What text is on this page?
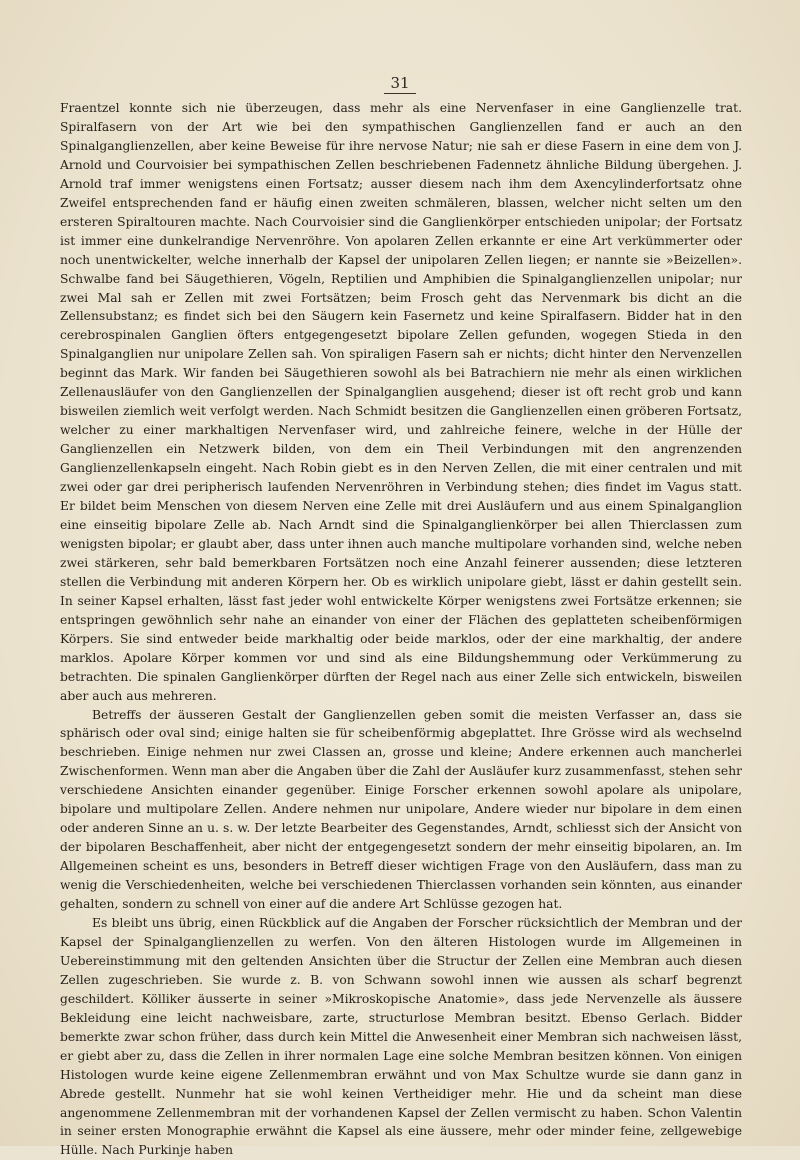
31

Fraentzel konnte sich nie überzeugen, dass mehr als eine Nervenfaser in eine Ganglienzelle trat. Spiralfasern von der Art wie bei den sympathischen Ganglienzellen fand er auch an den Spinalganglienzellen, aber keine Beweise für ihre nervose Natur; nie sah er diese Fasern in eine dem von J. Arnold und Courvoisier bei sympathischen Zellen beschriebenen Fadennetz ähnliche Bildung übergehen. J. Arnold traf immer wenigstens einen Fortsatz; ausser diesem nach ihm dem Axencylinderfortsatz ohne Zweifel entsprechenden fand er häufig einen zweiten schmäleren, blassen, welcher nicht selten um den ersteren Spiraltouren machte. Nach Courvoisier sind die Ganglienkörper entschieden unipolar; der Fortsatz ist immer eine dunkelrandige Nervenröhre. Von apolaren Zellen erkannte er eine Art verkümmerter oder noch unentwickelter, welche innerhalb der Kapsel der unipolaren Zellen liegen; er nannte sie »Beizellen». Schwalbe fand bei Säugethieren, Vögeln, Reptilien und Amphibien die Spinalganglienzellen unipolar; nur zwei Mal sah er Zellen mit zwei Fortsätzen; beim Frosch geht das Nervenmark bis dicht an die Zellensubstanz; es findet sich bei den Säugern kein Fasernetz und keine Spiralfasern. Bidder hat in den cerebrospinalen Ganglien öfters entgegengesetzt bipolare Zellen gefunden, wogegen Stieda in den Spinalganglien nur unipolare Zellen sah. Von spiraligen Fasern sah er nichts; dicht hinter den Nervenzellen beginnt das Mark. Wir fanden bei Säugethieren sowohl als bei Batrachiern nie mehr als einen wirklichen Zellenausläufer von den Ganglienzellen der Spinalganglien ausgehend; dieser ist oft recht grob und kann bisweilen ziemlich weit verfolgt werden. Nach Schmidt besitzen die Ganglienzellen einen gröberen Fortsatz, welcher zu einer markhaltigen Nervenfaser wird, und zahlreiche feinere, welche in der Hülle der Ganglienzellen ein Netzwerk bilden, von dem ein Theil Verbindungen mit den angrenzenden Ganglienzellenkapseln eingeht. Nach Robin giebt es in den Nerven Zellen, die mit einer centralen und mit zwei oder gar drei peripherisch laufenden Nervenröhren in Verbindung stehen; dies findet im Vagus statt. Er bildet beim Menschen von diesem Nerven eine Zelle mit drei Ausläufern und aus einem Spinalganglion eine einseitig bipolare Zelle ab. Nach Arndt sind die Spinalganglienkörper bei allen Thierclassen zum wenigsten bipolar; er glaubt aber, dass unter ihnen auch manche multipolare vorhanden sind, welche neben zwei stärkeren, sehr bald bemerkbaren Fortsätzen noch eine Anzahl feinerer aussenden; diese letzteren stellen die Verbindung mit anderen Körpern her. Ob es wirklich unipolare giebt, lässt er dahin gestellt sein. In seiner Kapsel erhalten, lässt fast jeder wohl entwickelte Körper wenigstens zwei Fortsätze erkennen; sie entspringen gewöhnlich sehr nahe an einander von einer der Flächen des geplatteten scheibenförmigen Körpers. Sie sind entweder beide markhaltig oder beide marklos, oder der eine markhaltig, der andere marklos. Apolare Körper kommen vor und sind als eine Bildungshemmung oder Verkümmerung zu betrachten. Die spinalen Ganglienkörper dürften der Regel nach aus einer Zelle sich entwickeln, bisweilen aber auch aus mehreren.

Betreffs der äusseren Gestalt der Ganglienzellen geben somit die meisten Verfasser an, dass sie sphärisch oder oval sind; einige halten sie für scheibenförmig abgeplattet. Ihre Grösse wird als wechselnd beschrieben. Einige nehmen nur zwei Classen an, grosse und kleine; Andere erkennen auch mancherlei Zwischenformen. Wenn man aber die Angaben über die Zahl der Ausläufer kurz zusammenfasst, stehen sehr verschiedene Ansichten einander gegenüber. Einige Forscher erkennen sowohl apolare als unipolare, bipolare und multipolare Zellen. Andere nehmen nur unipolare, Andere wieder nur bipolare in dem einen oder anderen Sinne an u. s. w. Der letzte Bearbeiter des Gegenstandes, Arndt, schliesst sich der Ansicht von der bipolaren Beschaffenheit, aber nicht der entgegengesetzt sondern der mehr einseitig bipolaren, an. Im Allgemeinen scheint es uns, besonders in Betreff dieser wichtigen Frage von den Ausläufern, dass man zu wenig die Verschiedenheiten, welche bei verschiedenen Thierclassen vorhanden sein könnten, aus einander gehalten, sondern zu schnell von einer auf die andere Art Schlüsse gezogen hat.

Es bleibt uns übrig, einen Rückblick auf die Angaben der Forscher rücksichtlich der Membran und der Kapsel der Spinalganglienzellen zu werfen. Von den älteren Histologen wurde im Allgemeinen in Uebereinstimmung mit den geltenden Ansichten über die Structur der Zellen eine Membran auch diesen Zellen zugeschrieben. Sie wurde z. B. von Schwann sowohl innen wie aussen als scharf begrenzt geschildert. Kölliker äusserte in seiner »Mikroskopische Anatomie», dass jede Nervenzelle als äussere Bekleidung eine leicht nachweisbare, zarte, structurlose Membran besitzt. Ebenso Gerlach. Bidder bemerkte zwar schon früher, dass durch kein Mittel die Anwesenheit einer Membran sich nachweisen lässt, er giebt aber zu, dass die Zellen in ihrer normalen Lage eine solche Membran besitzen können. Von einigen Histologen wurde keine eigene Zellenmembran erwähnt und von Max Schultze wurde sie dann ganz in Abrede gestellt. Nunmehr hat sie wohl keinen Vertheidiger mehr. Hie und da scheint man diese angenommene Zellenmembran mit der vorhandenen Kapsel der Zellen vermischt zu haben. Schon Valentin in seiner ersten Monographie erwähnt die Kapsel als eine äussere, mehr oder minder feine, zellgewebige Hülle. Nach Purkinje haben
